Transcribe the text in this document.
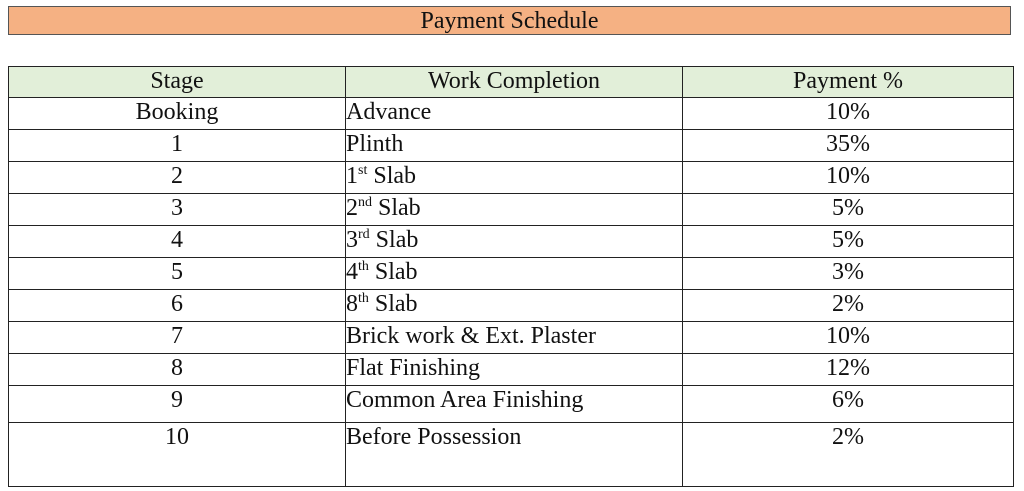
Payment Schedule
Stage	Work Completion	Payment %
Booking	Advance	10%
1	Plinth	35%
2	1st Slab	10%
3	2nd Slab	5%
4	3rd Slab	5%
5	4th Slab	3%
6	8th Slab	2%
7	Brick work & Ext. Plaster	10%
8	Flat Finishing	12%
9	Common Area Finishing	6%
10	Before Possession	2%
